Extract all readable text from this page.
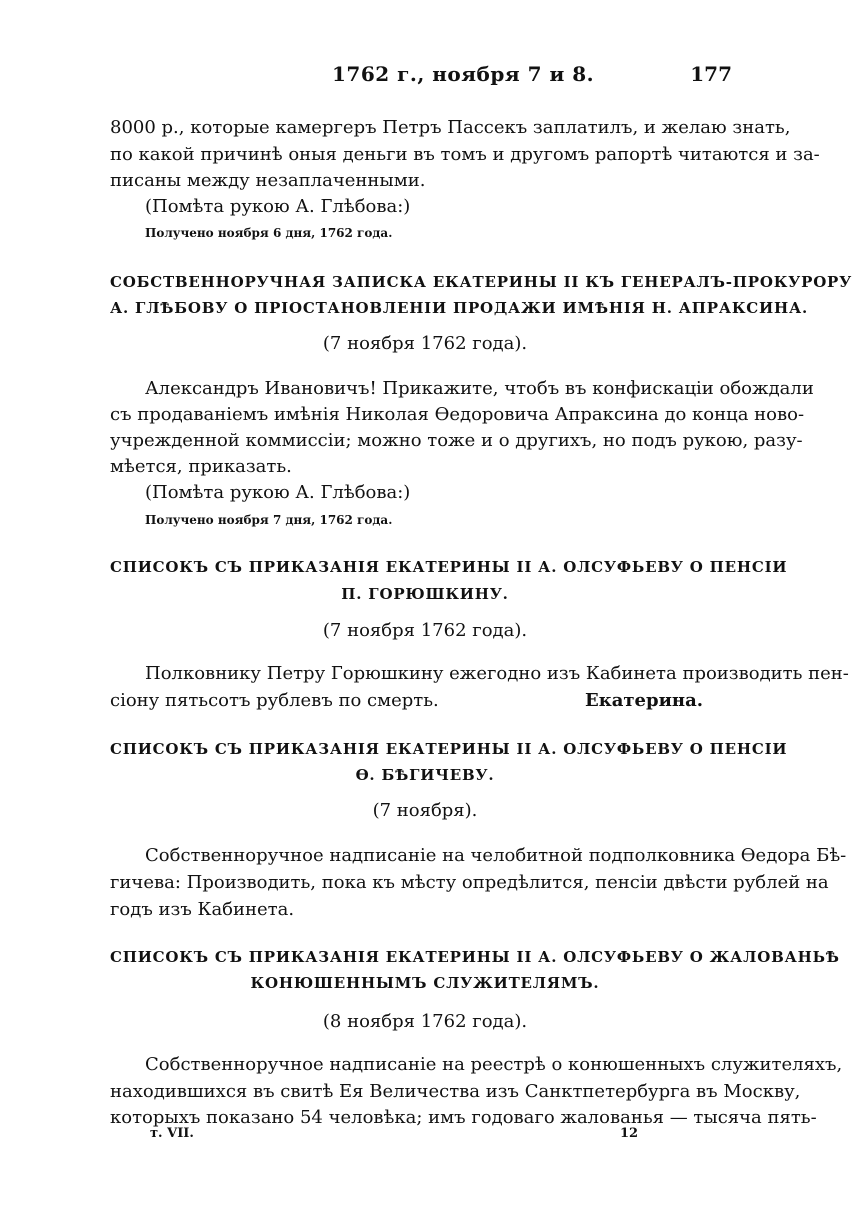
1762 г., ноября 7 и 8.	177
8000 р., которые камергеръ Петръ Пассекъ заплатилъ, и желаю знать,
по какой причинѣ оныя деньги въ томъ и другомъ рапортѣ читаются и за-
писаны между незаплаченными.
(Помѣта рукою А. Глѣбова:)
Получено ноября 6 дня, 1762 года.
СОБСТВЕННОРУЧНАЯ ЗАПИСКА ЕКАТЕРИНЫ II КЪ ГЕНЕРАЛЪ-ПРОКУРОРУ
А. ГЛѢБОВУ О ПРІОСТАНОВЛЕНІИ ПРОДАЖИ ИМѢНІЯ Н. АПРАКСИНА.
(7 ноября 1762 года).
Александръ Ивановичъ! Прикажите, чтобъ въ конфискаціи обождали
съ продаваніемъ имѣнія Николая Ѳедоровича Апраксина до конца ново-
учрежденной коммиссіи; можно тоже и о другихъ, но подъ рукою, разу-
мѣется, приказать.
(Помѣта рукою А. Глѣбова:)
Получено ноября 7 дня, 1762 года.
СПИСОКЪ СЪ ПРИКАЗАНІЯ ЕКАТЕРИНЫ II А. ОЛСУФЬЕВУ О ПЕНСІИ
П. ГОРЮШКИНУ.
(7 ноября 1762 года).
Полковнику Петру Горюшкину ежегодно изъ Кабинета производить пен-
сіону пятьсотъ рублевъ по смерть.	Екатерина.
СПИСОКЪ СЪ ПРИКАЗАНІЯ ЕКАТЕРИНЫ II А. ОЛСУФЬЕВУ О ПЕНСІИ
Ѳ. БѢГИЧЕВУ.
(7 ноября).
Собственноручное надписаніе на челобитной подполковника Ѳедора Бѣ-
гичева: Производить, пока къ мѣсту опредѣлится, пенсіи двѣсти рублей на
годъ изъ Кабинета.
СПИСОКЪ СЪ ПРИКАЗАНІЯ ЕКАТЕРИНЫ II А. ОЛСУФЬЕВУ О ЖАЛОВАНЬѢ
КОНЮШЕННЫМЪ СЛУЖИТЕЛЯМЪ.
(8 ноября 1762 года).
Собственноручное надписаніе на реестрѣ о конюшенныхъ служителяхъ,
находившихся въ свитѣ Ея Величества изъ Санктпетербурга въ Москву,
которыхъ показано 54 человѣка; имъ годоваго жалованья — тысяча пять-
т. VII.	12
